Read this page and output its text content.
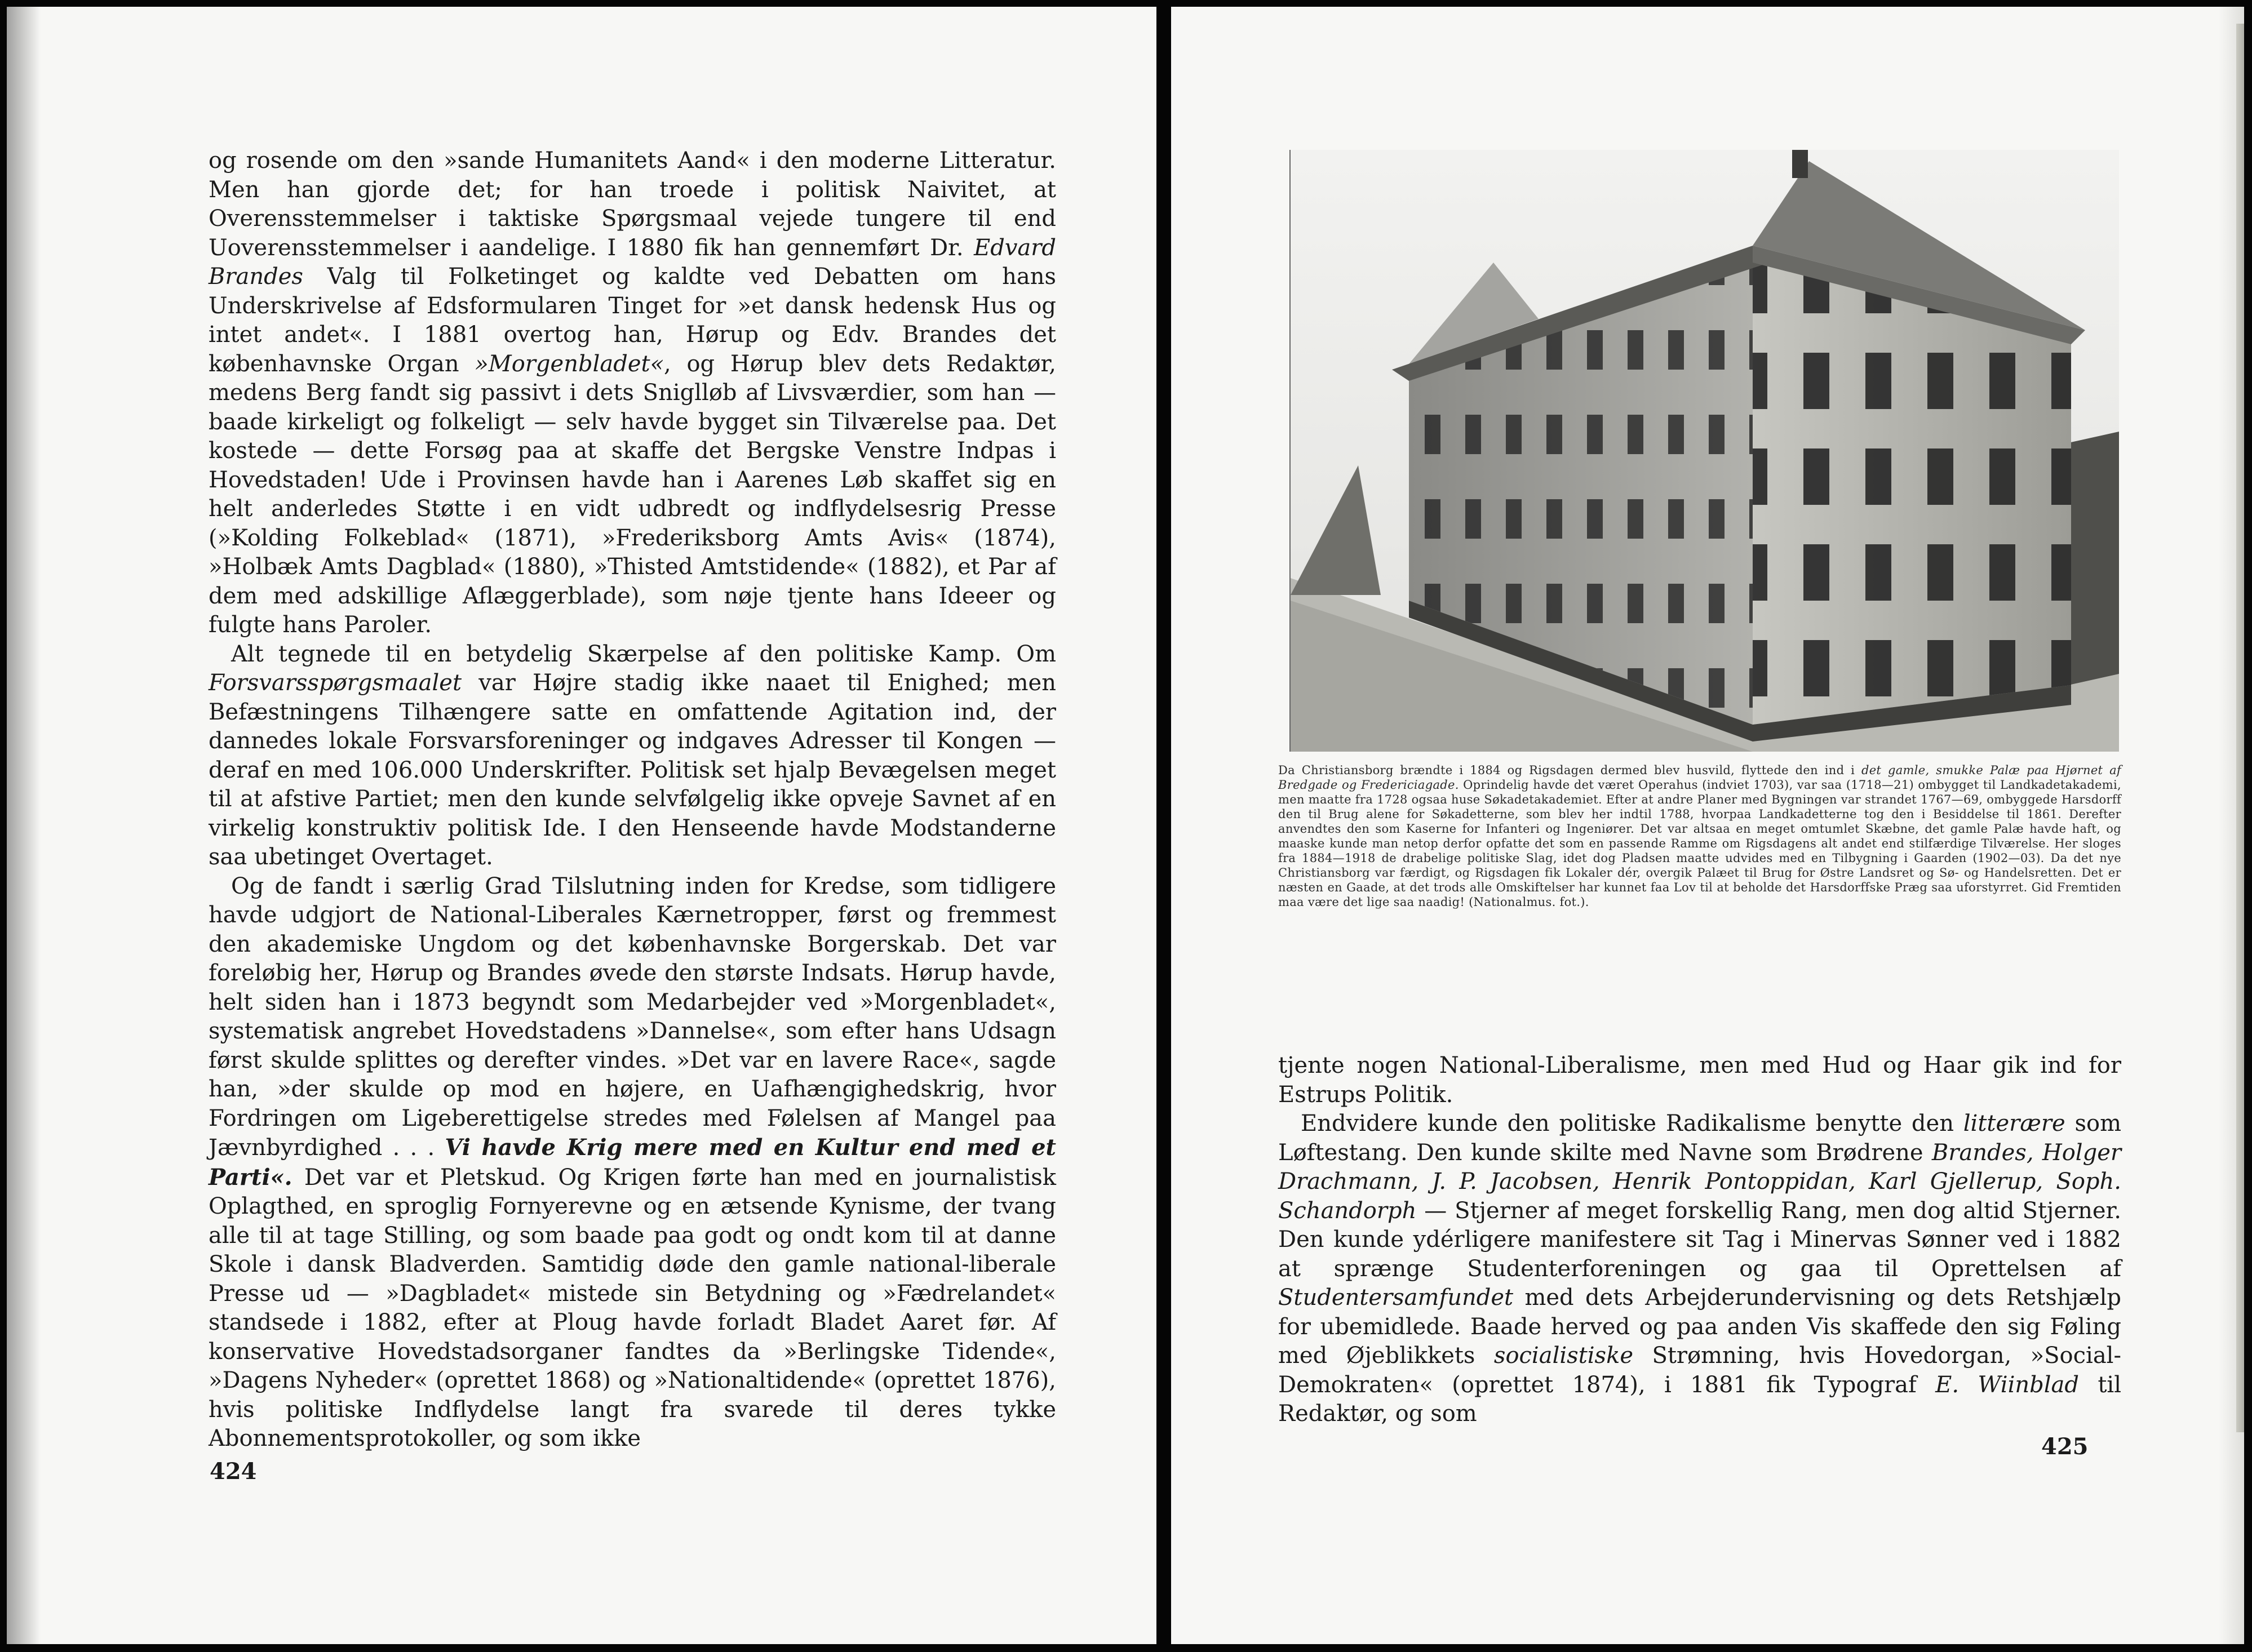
og rosende om den »sande Humanitets Aand« i den moderne Litteratur. Men han gjorde det; for han troede i politisk Naivitet, at Overensstemmelser i taktiske Spørgsmaal vejede tungere til end Uoverensstemmelser i aandelige. I 1880 fik han gennemført Dr. Edvard Brandes Valg til Folketinget og kaldte ved Debatten om hans Underskrivelse af Edsformularen Tinget for »et dansk hedensk Hus og intet andet«. I 1881 overtog han, Hørup og Edv. Brandes det københavnske Organ »Morgenbladet«, og Hørup blev dets Redaktør, medens Berg fandt sig passivt i dets Sniglløb af Livsværdier, som han — baade kirkeligt og folkeligt — selv havde bygget sin Tilværelse paa. Det kostede — dette Forsøg paa at skaffe det Bergske Venstre Indpas i Hovedstaden! Ude i Provinsen havde han i Aarenes Løb skaffet sig en helt anderledes Støtte i en vidt udbredt og indflydelsesrig Presse (»Kolding Folkeblad« (1871), »Frederiksborg Amts Avis« (1874), »Holbæk Amts Dagblad« (1880), »Thisted Amtstidende« (1882), et Par af dem med adskillige Aflæggerblade), som nøje tjente hans Ideeer og fulgte hans Paroler.

Alt tegnede til en betydelig Skærpelse af den politiske Kamp. Om Forsvarsspørgsmaalet var Højre stadig ikke naaet til Enighed; men Befæstningens Tilhængere satte en omfattende Agitation ind, der dannedes lokale Forsvarsforeninger og indgaves Adresser til Kongen — deraf en med 106.000 Underskrifter. Politisk set hjalp Bevægelsen meget til at afstive Partiet; men den kunde selvfølgelig ikke opveje Savnet af en virkelig konstruktiv politisk Ide. I den Henseende havde Modstanderne saa ubetinget Overtaget.

Og de fandt i særlig Grad Tilslutning inden for Kredse, som tidligere havde udgjort de National-Liberales Kærnetropper, først og fremmest den akademiske Ungdom og det københavnske Borgerskab. Det var foreløbig her, Hørup og Brandes øvede den største Indsats. Hørup havde, helt siden han i 1873 begyndt som Medarbejder ved »Morgenbladet«, systematisk angrebet Hovedstadens »Dannelse«, som efter hans Udsagn først skulde splittes og derefter vindes. »Det var en lavere Race«, sagde han, »der skulde op mod en højere, en Uafhængighedskrig, hvor Fordringen om Ligeberettigelse stredes med Følelsen af Mangel paa Jævnbyrdighed . . . Vi havde Krig mere med en Kultur end med et Parti«. Det var et Pletskud. Og Krigen førte han med en journalistisk Oplagthed, en sproglig Fornyerevne og en ætsende Kynisme, der tvang alle til at tage Stilling, og som baade paa godt og ondt kom til at danne Skole i dansk Bladverden. Samtidig døde den gamle national-liberale Presse ud — »Dagbladet« mistede sin Betydning og »Fædrelandet« standsede i 1882, efter at Ploug havde forladt Bladet Aaret før. Af konservative Hovedstadsorganer fandtes da »Berlingske Tidende«, »Dagens Nyheder« (oprettet 1868) og »Nationaltidende« (oprettet 1876), hvis politiske Indflydelse langt fra svarede til deres tykke Abonnementsprotokoller, og som ikke

424
Da Christiansborg brændte i 1884 og Rigsdagen dermed blev husvild, flyttede den ind i det gamle, smukke Palæ paa Hjørnet af Bredgade og Fredericiagade. Oprindelig havde det været Operahus (indviet 1703), var saa (1718—21) ombygget til Landkadetakademi, men maatte fra 1728 ogsaa huse Søkadetakademiet. Efter at andre Planer med Bygningen var strandet 1767—69, ombyggede Harsdorff den til Brug alene for Søkadetterne, som blev her indtil 1788, hvorpaa Landkadetterne tog den i Besiddelse til 1861. Derefter anvendtes den som Kaserne for Infanteri og Ingeniører. Det var altsaa en meget omtumlet Skæbne, det gamle Palæ havde haft, og maaske kunde man netop derfor opfatte det som en passende Ramme om Rigsdagens alt andet end stilfærdige Tilværelse. Her sloges fra 1884—1918 de drabelige politiske Slag, idet dog Pladsen maatte udvides med en Tilbygning i Gaarden (1902—03). Da det nye Christiansborg var færdigt, og Rigsdagen fik Lokaler dér, overgik Palæet til Brug for Østre Landsret og Sø- og Handelsretten. Det er næsten en Gaade, at det trods alle Omskiftelser har kunnet faa Lov til at beholde det Harsdorffske Præg saa uforstyrret. Gid Fremtiden maa være det lige saa naadig! (Nationalmus. fot.).

tjente nogen National-Liberalisme, men med Hud og Haar gik ind for Estrups Politik.

Endvidere kunde den politiske Radikalisme benytte den litterære som Løftestang. Den kunde skilte med Navne som Brødrene Brandes, Holger Drachmann, J. P. Jacobsen, Henrik Pontoppidan, Karl Gjellerup, Soph. Schandorph — Stjerner af meget forskellig Rang, men dog altid Stjerner. Den kunde ydérligere manifestere sit Tag i Minervas Sønner ved i 1882 at sprænge Studenterforeningen og gaa til Oprettelsen af Studentersamfundet med dets Arbejderundervisning og dets Retshjælp for ubemidlede. Baade herved og paa anden Vis skaffede den sig Føling med Øjeblikkets socialistiske Strømning, hvis Hovedorgan, »Social-Demokraten« (oprettet 1874), i 1881 fik Typograf E. Wiinblad til Redaktør, og som

425
